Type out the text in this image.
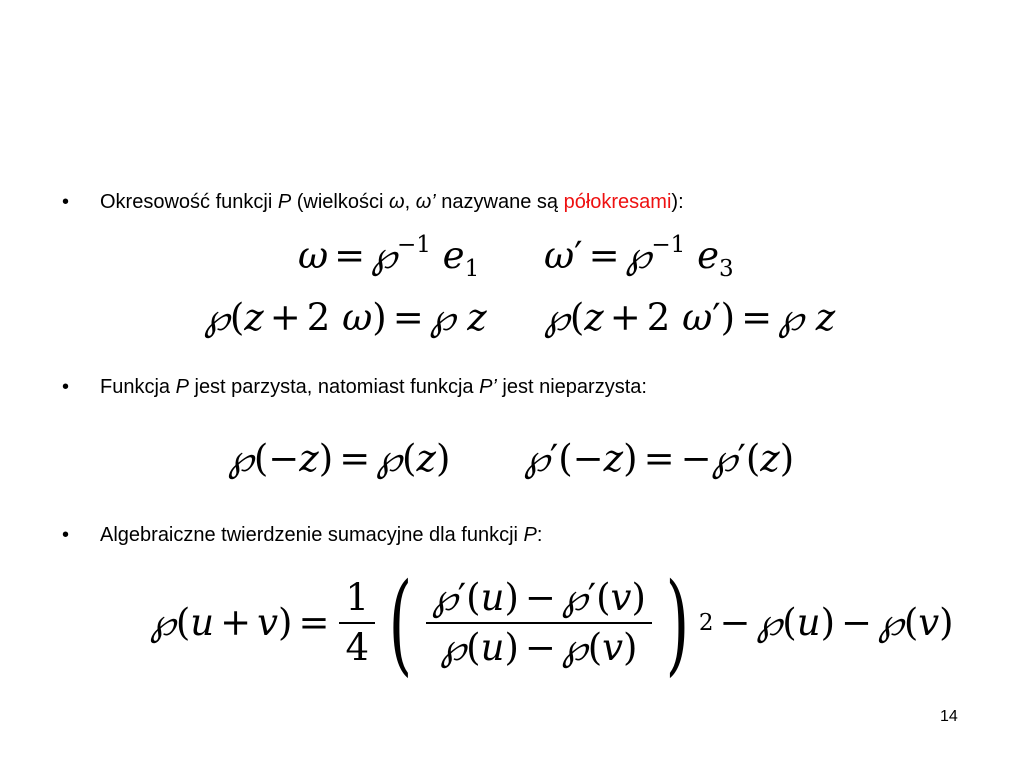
•	Okresowość funkcji P (wielkości ω, ω’ nazywane są półokresami):
ω = ℘$^{-1}$ $e_1$ ω′ = ℘$^{-1}$ $e_3$
℘(z + 2 ω) = ℘ z ℘(z + 2 ω′) = ℘ z
•	Funkcja P jest parzysta, natomiast funkcja P’ jest nieparzysta:
℘(−z) = ℘(z) ℘′(−z) = −℘′(z)
•	Algebraiczne twierdzenie sumacyjne dla funkcji P:
℘ ( u + v ) = $\frac{1}{4}$ ( $\frac{℘'(u) - ℘'(v)}{℘(u) - ℘(v)}$ ) 2 − ℘ ( u ) − ℘ ( v )
14
